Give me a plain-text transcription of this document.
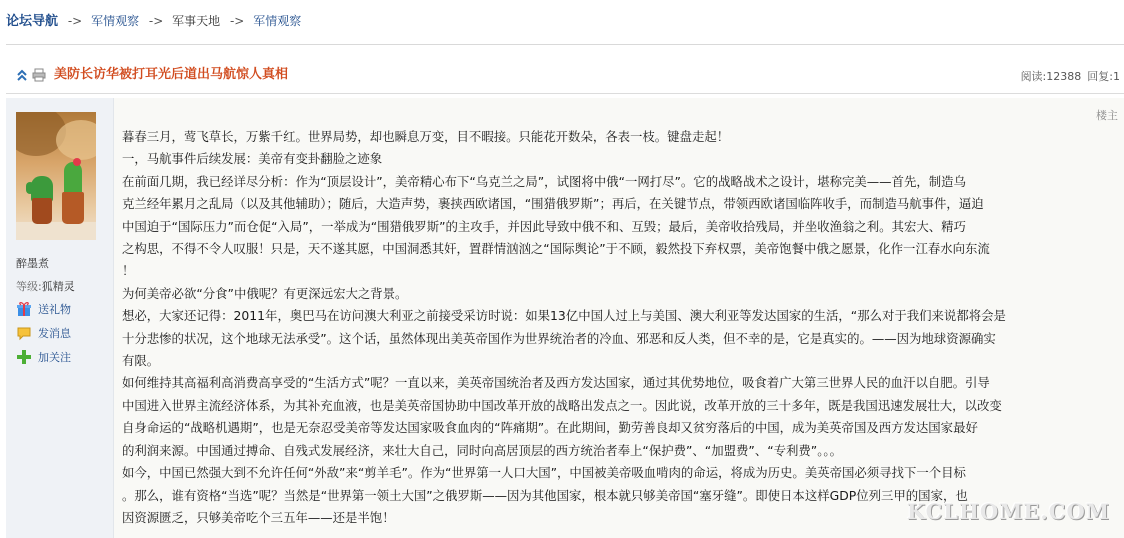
论坛导航 -> 军情观察 -> 军事天地 -> 军情观察
美防长访华被打耳光后道出马航惊人真相	阅读:12388 回复:1
醉墨煮
等级:狐精灵
送礼物
发消息
加关注
楼主

暮春三月，莺飞草长，万紫千红。世界局势，却也瞬息万变，目不暇接。只能花开数朵，各表一枝。键盘走起！

一，马航事件后续发展：美帝有变卦翻脸之迹象

在前面几期，我已经详尽分析：作为“顶层设计”，美帝精心布下“乌克兰之局”，试图将中俄“一网打尽”。它的战略战术之设计，堪称完美——首先，制造乌

克兰经年累月之乱局（以及其他辅助）；随后，大造声势，裹挟西欧诸国，“围猎俄罗斯”；再后，在关键节点，带领西欧诸国临阵收手，而制造马航事件，逼迫

中国迫于“国际压力”而仓促“入局”，一举成为“围猎俄罗斯”的主攻手，并因此导致中俄不和、互毁；最后，美帝收拾残局，并坐收渔翁之利。其宏大、精巧

之构思，不得不令人叹服！只是，天不遂其愿，中国洞悉其奸，置群情汹汹之“国际舆论”于不顾，毅然投下弃权票，美帝饱餐中俄之愿景，化作一江春水向东流

！

为何美帝必欲“分食”中俄呢？有更深远宏大之背景。

想必，大家还记得：2011年，奥巴马在访问澳大利亚之前接受采访时说：如果13亿中国人过上与美国、澳大利亚等发达国家的生活，“那么对于我们来说都将会是

十分悲惨的状况，这个地球无法承受”。这个话，虽然体现出美英帝国作为世界统治者的冷血、邪恶和反人类，但不幸的是，它是真实的。——因为地球资源确实

有限。

如何维持其高福利高消费高享受的“生活方式”呢？一直以来，美英帝国统治者及西方发达国家，通过其优势地位，吸食着广大第三世界人民的血汗以自肥。引导

中国进入世界主流经济体系，为其补充血液，也是美英帝国协助中国改革开放的战略出发点之一。因此说，改革开放的三十多年，既是我国迅速发展壮大，以改变

自身命运的“战略机遇期”，也是无奈忍受美帝等发达国家吸食血肉的“阵痛期”。在此期间，勤劳善良却又贫穷落后的中国，成为美英帝国及西方发达国家最好

的利润来源。中国通过搏命、自残式发展经济，来壮大自己，同时向高居顶层的西方统治者奉上“保护费”、“加盟费”、“专利费”。。。

如今，中国已然强大到不允许任何“外敌”来“剪羊毛”。作为“世界第一人口大国”，中国被美帝吸血啃肉的命运，将成为历史。美英帝国必须寻找下一个目标

。那么，谁有资格“当选”呢？当然是“世界第一领土大国”之俄罗斯——因为其他国家，根本就只够美帝国“塞牙缝”。即使日本这样GDP位列三甲的国家，也

因资源匮乏，只够美帝吃个三五年——还是半饱！	KCLHOME.COM
